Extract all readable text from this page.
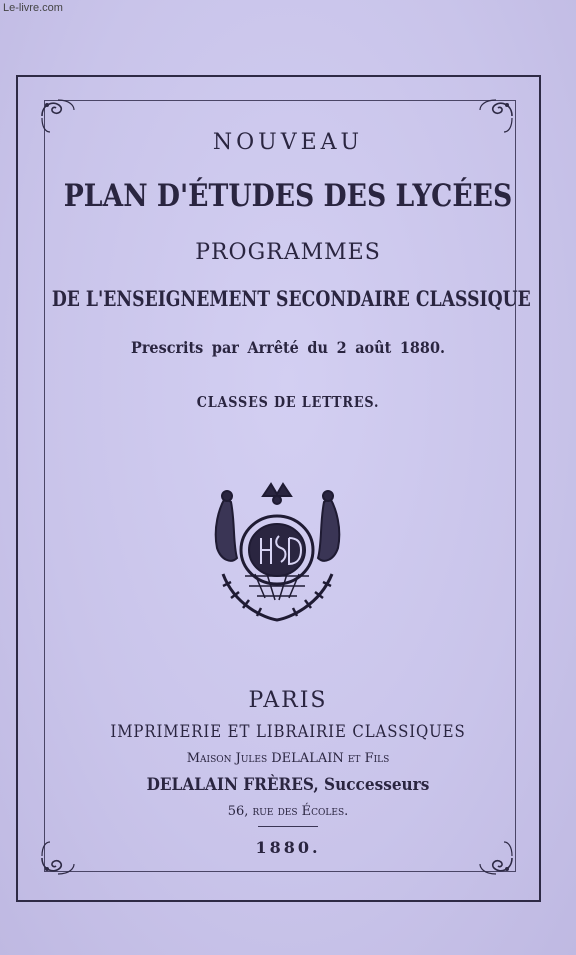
Le-livre.com
NOUVEAU
PLAN D'ÉTUDES DES LYCÉES
PROGRAMMES
DE L'ENSEIGNEMENT SECONDAIRE CLASSIQUE
Prescrits par Arrêté du 2 août 1880.
CLASSES DE LETTRES.
PARIS
IMPRIMERIE ET LIBRAIRIE CLASSIQUES
Maison Jules DELALAIN et Fils
DELALAIN FRÈRES, Successeurs
56, rue des Écoles.
1880.
